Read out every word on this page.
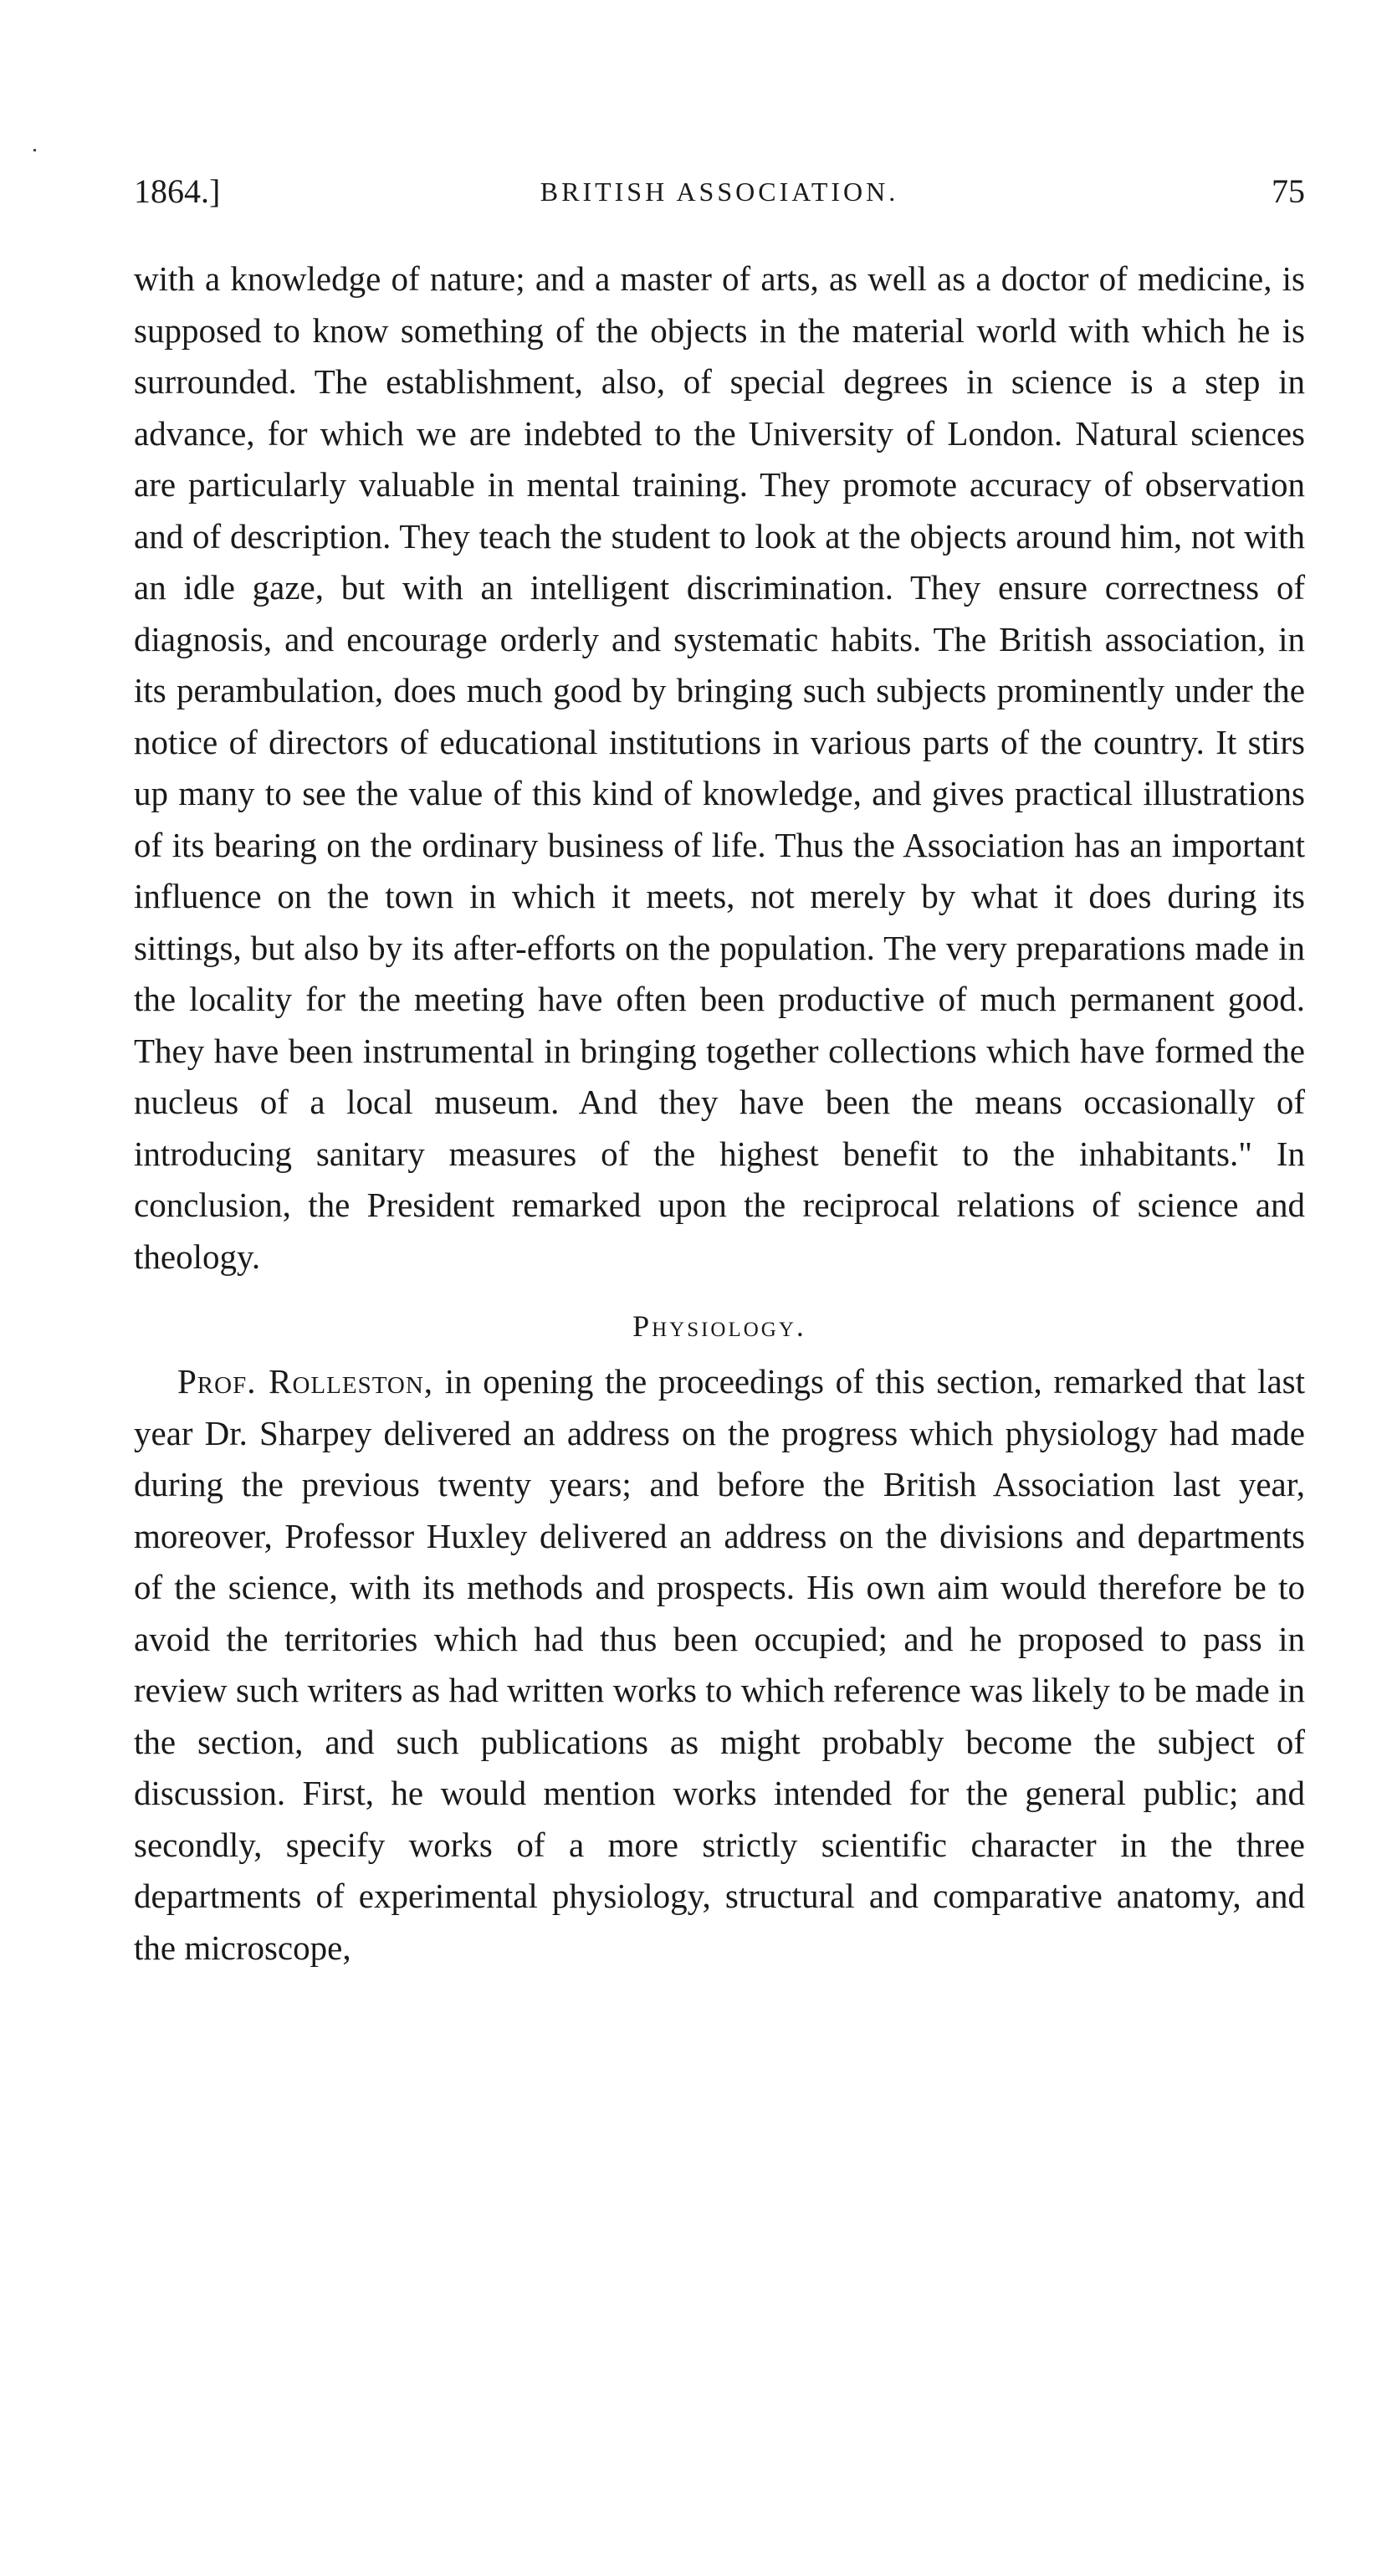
1864.]	BRITISH ASSOCIATION.	75

with a knowledge of nature; and a master of arts, as well as a doctor of medicine, is supposed to know something of the objects in the material world with which he is surrounded. The establishment, also, of special degrees in science is a step in advance, for which we are indebted to the University of London. Natural sciences are particularly valuable in mental training. They promote accuracy of observation and of description. They teach the student to look at the objects around him, not with an idle gaze, but with an intelligent discrimination. They ensure correctness of diagnosis, and encourage orderly and systematic habits. The British association, in its perambulation, does much good by bringing such subjects prominently under the notice of directors of educational institutions in various parts of the country. It stirs up many to see the value of this kind of knowledge, and gives practical illustrations of its bearing on the ordinary business of life. Thus the Association has an important influence on the town in which it meets, not merely by what it does during its sittings, but also by its after-efforts on the population. The very preparations made in the locality for the meeting have often been productive of much permanent good. They have been instrumental in bringing together collections which have formed the nucleus of a local museum. And they have been the means occasionally of introducing sanitary measures of the highest benefit to the inhabitants." In conclusion, the President remarked upon the reciprocal relations of science and theology.

Physiology.

Prof. Rolleston, in opening the proceedings of this section, remarked that last year Dr. Sharpey delivered an address on the progress which physiology had made during the previous twenty years; and before the British Association last year, moreover, Professor Huxley delivered an address on the divisions and departments of the science, with its methods and prospects. His own aim would therefore be to avoid the territories which had thus been occupied; and he proposed to pass in review such writers as had written works to which reference was likely to be made in the section, and such publications as might probably become the subject of discussion. First, he would mention works intended for the general public; and secondly, specify works of a more strictly scientific character in the three departments of experimental physiology, structural and comparative anatomy, and the microscope,
